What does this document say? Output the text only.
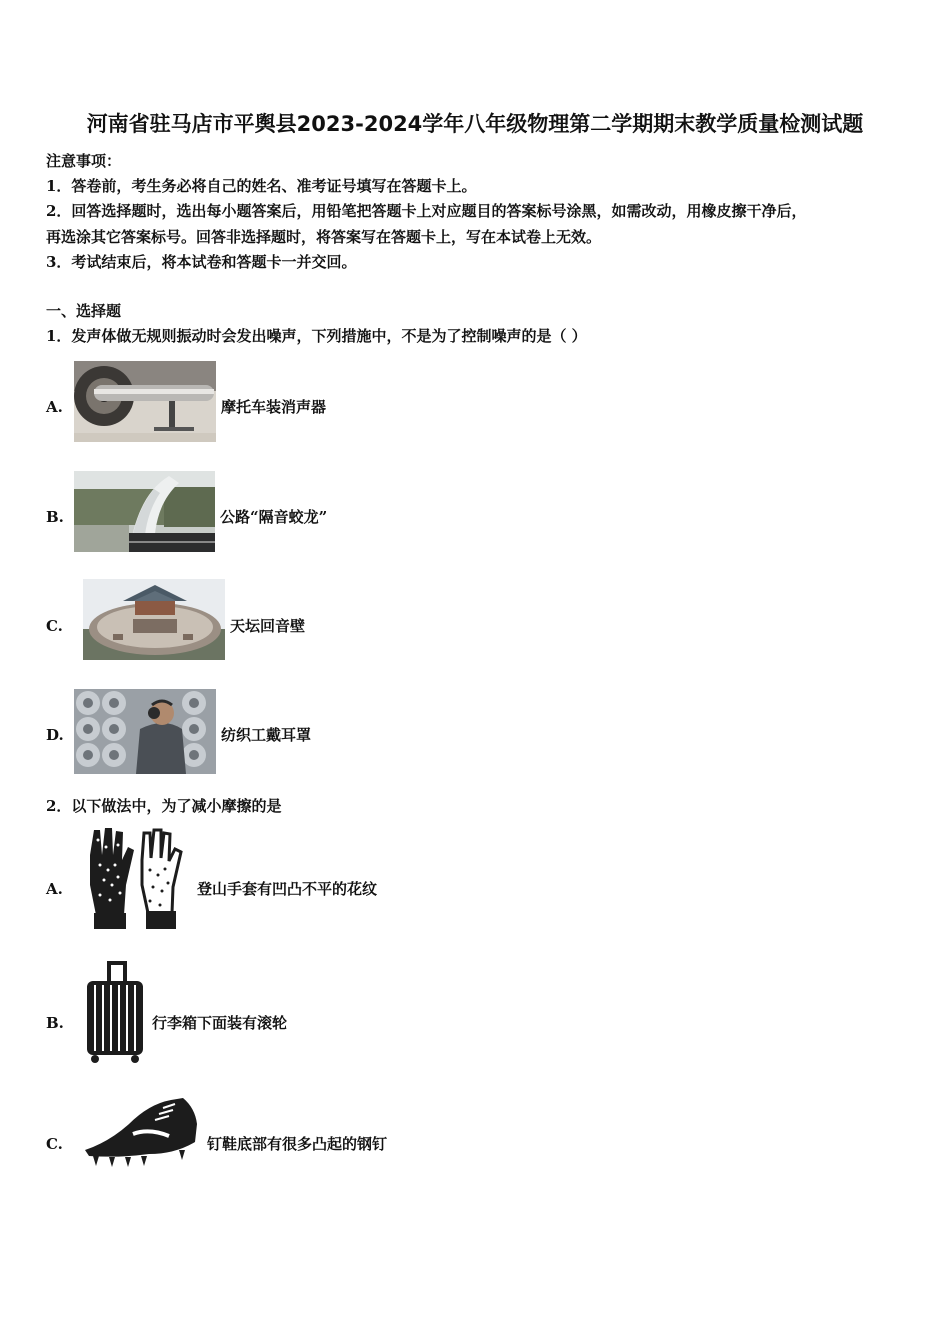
河南省驻马店市平舆县2023-2024学年八年级物理第二学期期末教学质量检测试题
注意事项：
1．答卷前，考生务必将自己的姓名、准考证号填写在答题卡上。
2．回答选择题时，选出每小题答案后，用铅笔把答题卡上对应题目的答案标号涂黑，如需改动，用橡皮擦干净后，
再选涂其它答案标号。回答非选择题时，将答案写在答题卡上，写在本试卷上无效。
3．考试结束后，将本试卷和答题卡一并交回。
一、选择题
1．发声体做无规则振动时会发出噪声，下列措施中，不是为了控制噪声的是（ ）
A.	摩托车装消声器
B.	公路“隔音蛟龙”
C.	天坛回音壁
D.	纺织工戴耳罩
2．以下做法中，为了减小摩擦的是
A.	登山手套有凹凸不平的花纹
B.	行李箱下面装有滚轮
C.	钉鞋底部有很多凸起的钢钉
